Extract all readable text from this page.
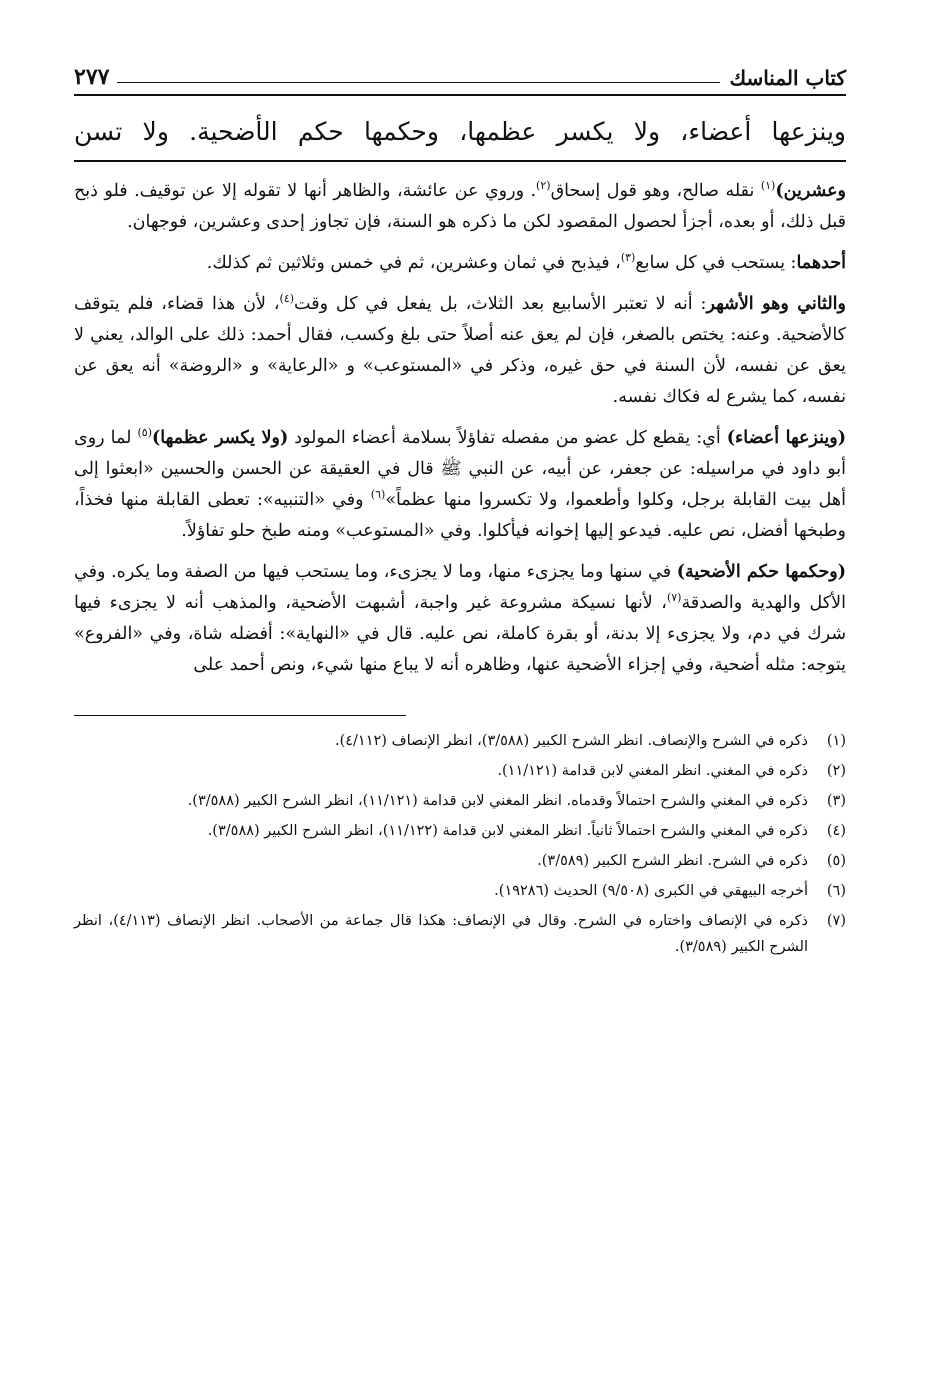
كتاب المناسك
٢٧٧
وينزعها أعضاء، ولا يكسر عظمها، وحكمها حكم الأضحية. ولا تسن

وعشرين)$^{(١)}$ نقله صالح، وهو قول إسحاق$^{(٢)}$. وروي عن عائشة، والظاهر أنها لا تقوله إلا عن توقيف. فلو ذبح قبل ذلك، أو بعده، أجزأ لحصول المقصود لكن ما ذكره هو السنة، فإن تجاوز إحدى وعشرين، فوجهان.

أحدهما: يستحب في كل سابع$^{(٣)}$، فيذبح في ثمان وعشرين، ثم في خمس وثلاثين ثم كذلك.

والثاني وهو الأشهر: أنه لا تعتبر الأسابيع بعد الثلاث، بل يفعل في كل وقت$^{(٤)}$، لأن هذا قضاء، فلم يتوقف كالأضحية. وعنه: يختص بالصغر، فإن لم يعق عنه أصلاً حتى بلغ وكسب، فقال أحمد: ذلك على الوالد، يعني لا يعق عن نفسه، لأن السنة في حق غيره، وذكر في «المستوعب» و «الرعاية» و «الروضة» أنه يعق عن نفسه، كما يشرع له فكاك نفسه.

(وينزعها أعضاء) أي: يقطع كل عضو من مفصله تفاؤلاً بسلامة أعضاء المولود (ولا يكسر عظمها)$^{(٥)}$ لما روى أبو داود في مراسيله: عن جعفر، عن أبيه، عن النبي ﷺ قال في العقيقة عن الحسن والحسين «ابعثوا إلى أهل بيت القابلة برجل، وكلوا وأطعموا، ولا تكسروا منها عظماً»$^{(٦)}$ وفي «التنبيه»: تعطى القابلة منها فخذاً، وطبخها أفضل، نص عليه. فيدعو إليها إخوانه فيأكلوا. وفي «المستوعب» ومنه طبخ حلو تفاؤلاً.

(وحكمها حكم الأضحية) في سنها وما يجزىء منها، وما لا يجزىء، وما يستحب فيها من الصفة وما يكره. وفي الأكل والهدية والصدقة$^{(٧)}$، لأنها نسيكة مشروعة غير واجبة، أشبهت الأضحية، والمذهب أنه لا يجزىء فيها شرك في دم، ولا يجزىء إلا بدنة، أو بقرة كاملة، نص عليه. قال في «النهاية»: أفضله شاة، وفي «الفروع» يتوجه: مثله أضحية، وفي إجزاء الأضحية عنها، وظاهره أنه لا يباع منها شيء، ونص أحمد على

(١)
ذكره في الشرح والإنصاف. انظر الشرح الكبير (٣/٥٨٨)، انظر الإنصاف (٤/١١٢).
(٢)
ذكره في المغني. انظر المغني لابن قدامة (١١/١٢١).
(٣)
ذكره في المغني والشرح احتمالاً وقدماه. انظر المغني لابن قدامة (١١/١٢١)، انظر الشرح الكبير (٣/٥٨٨).
(٤)
ذكره في المغني والشرح احتمالاً ثانياً. انظر المغني لابن قدامة (١١/١٢٢)، انظر الشرح الكبير (٣/٥٨٨).
(٥)
ذكره في الشرح. انظر الشرح الكبير (٣/٥٨٩).
(٦)
أخرجه البيهقي في الكبرى (٩/٥٠٨) الحديث (١٩٢٨٦).
(٧)
ذكره في الإنصاف واختاره في الشرح. وقال في الإنصاف: هكذا قال جماعة من الأصحاب. انظر الإنصاف (٤/١١٣)، انظر الشرح الكبير (٣/٥٨٩).
